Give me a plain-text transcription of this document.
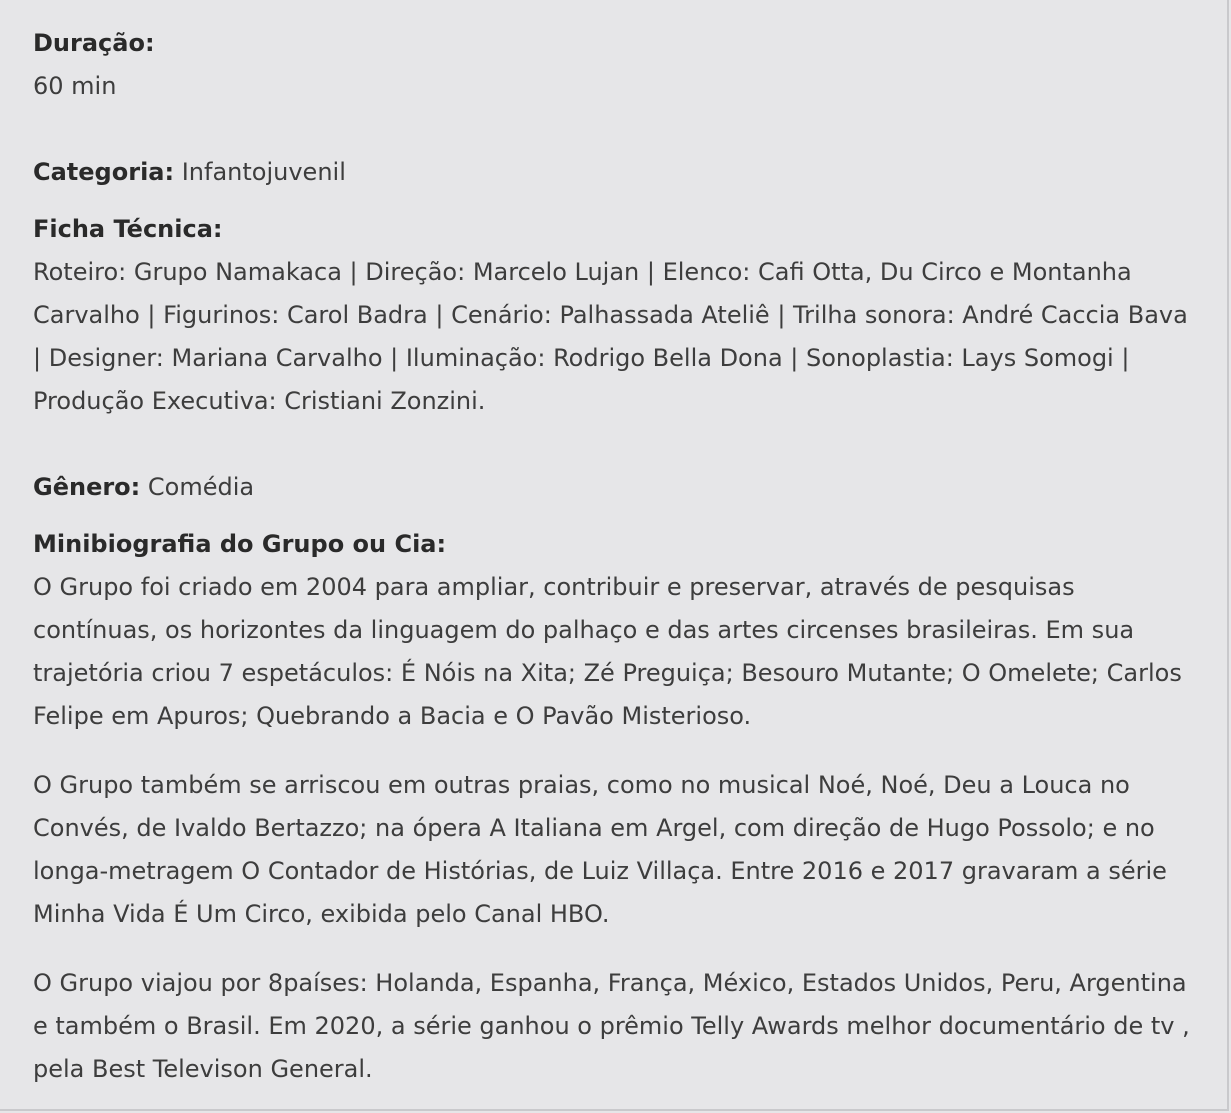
Duração:

60 min

Categoria: Infantojuvenil

Ficha Técnica:

Roteiro: Grupo Namakaca | Direção: Marcelo Lujan | Elenco: Cafi Otta, Du Circo e Montanha Carvalho | Figurinos: Carol Badra | Cenário: Palhassada Ateliê | Trilha sonora: André Caccia Bava | Designer: Mariana Carvalho | Iluminação: Rodrigo Bella Dona | Sonoplastia: Lays Somogi | Produção Executiva: Cristiani Zonzini.

Gênero: Comédia

Minibiografia do Grupo ou Cia:

O Grupo foi criado em 2004 para ampliar, contribuir e preservar, através de pesquisas contínuas, os horizontes da linguagem do palhaço e das artes circenses brasileiras. Em sua trajetória criou 7 espetáculos: É Nóis na Xita; Zé Preguiça; Besouro Mutante; O Omelete; Carlos Felipe em Apuros; Quebrando a Bacia e O Pavão Misterioso.

O Grupo também se arriscou em outras praias, como no musical Noé, Noé, Deu a Louca no Convés, de Ivaldo Bertazzo; na ópera A Italiana em Argel, com direção de Hugo Possolo; e no longa-metragem O Contador de Histórias, de Luiz Villaça. Entre 2016 e 2017 gravaram a série Minha Vida É Um Circo, exibida pelo Canal HBO.

O Grupo viajou por 8países: Holanda, Espanha, França, México, Estados Unidos, Peru, Argentina e também o Brasil. Em 2020, a série ganhou o prêmio Telly Awards melhor documentário de tv , pela Best Televison General.
